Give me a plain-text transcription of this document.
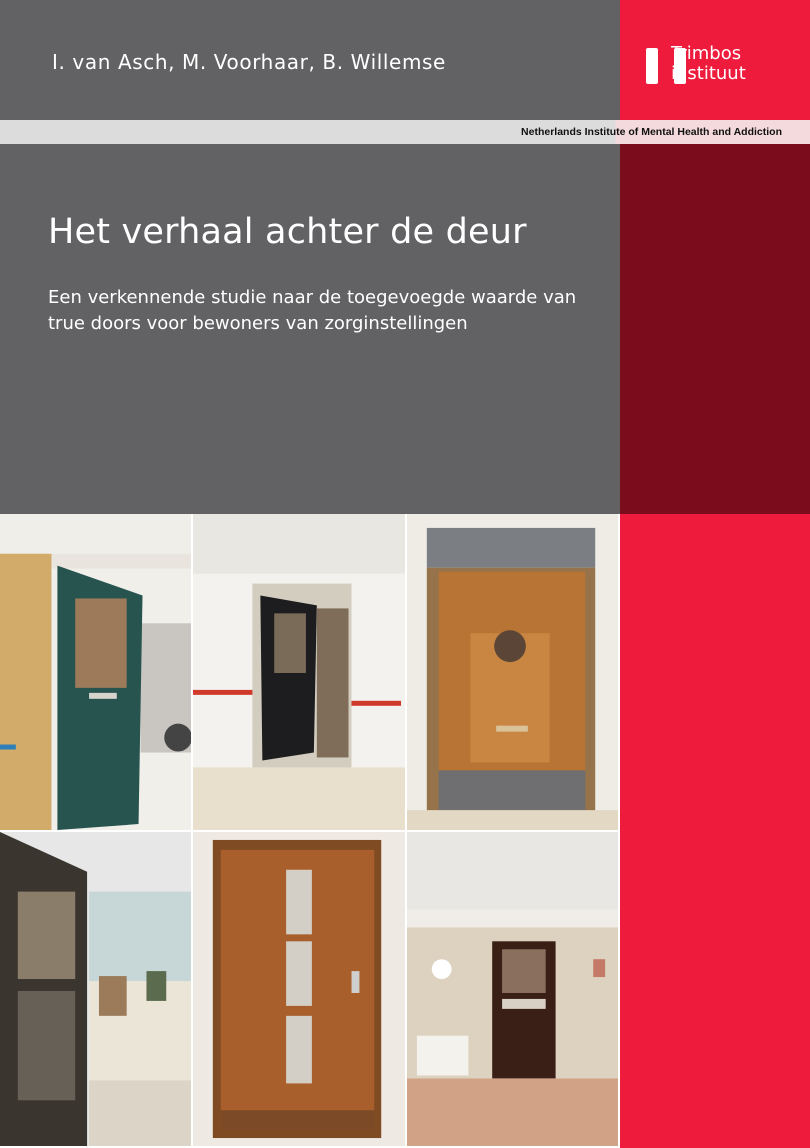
Netherlands Institute of Mental Health and Addiction
I. van Asch, M. Voorhaar, B. Willemse	Trimbos
instituut
Het verhaal achter de deur
Een verkennende studie naar de toegevoegde waarde van true doors voor bewoners van zorginstellingen
